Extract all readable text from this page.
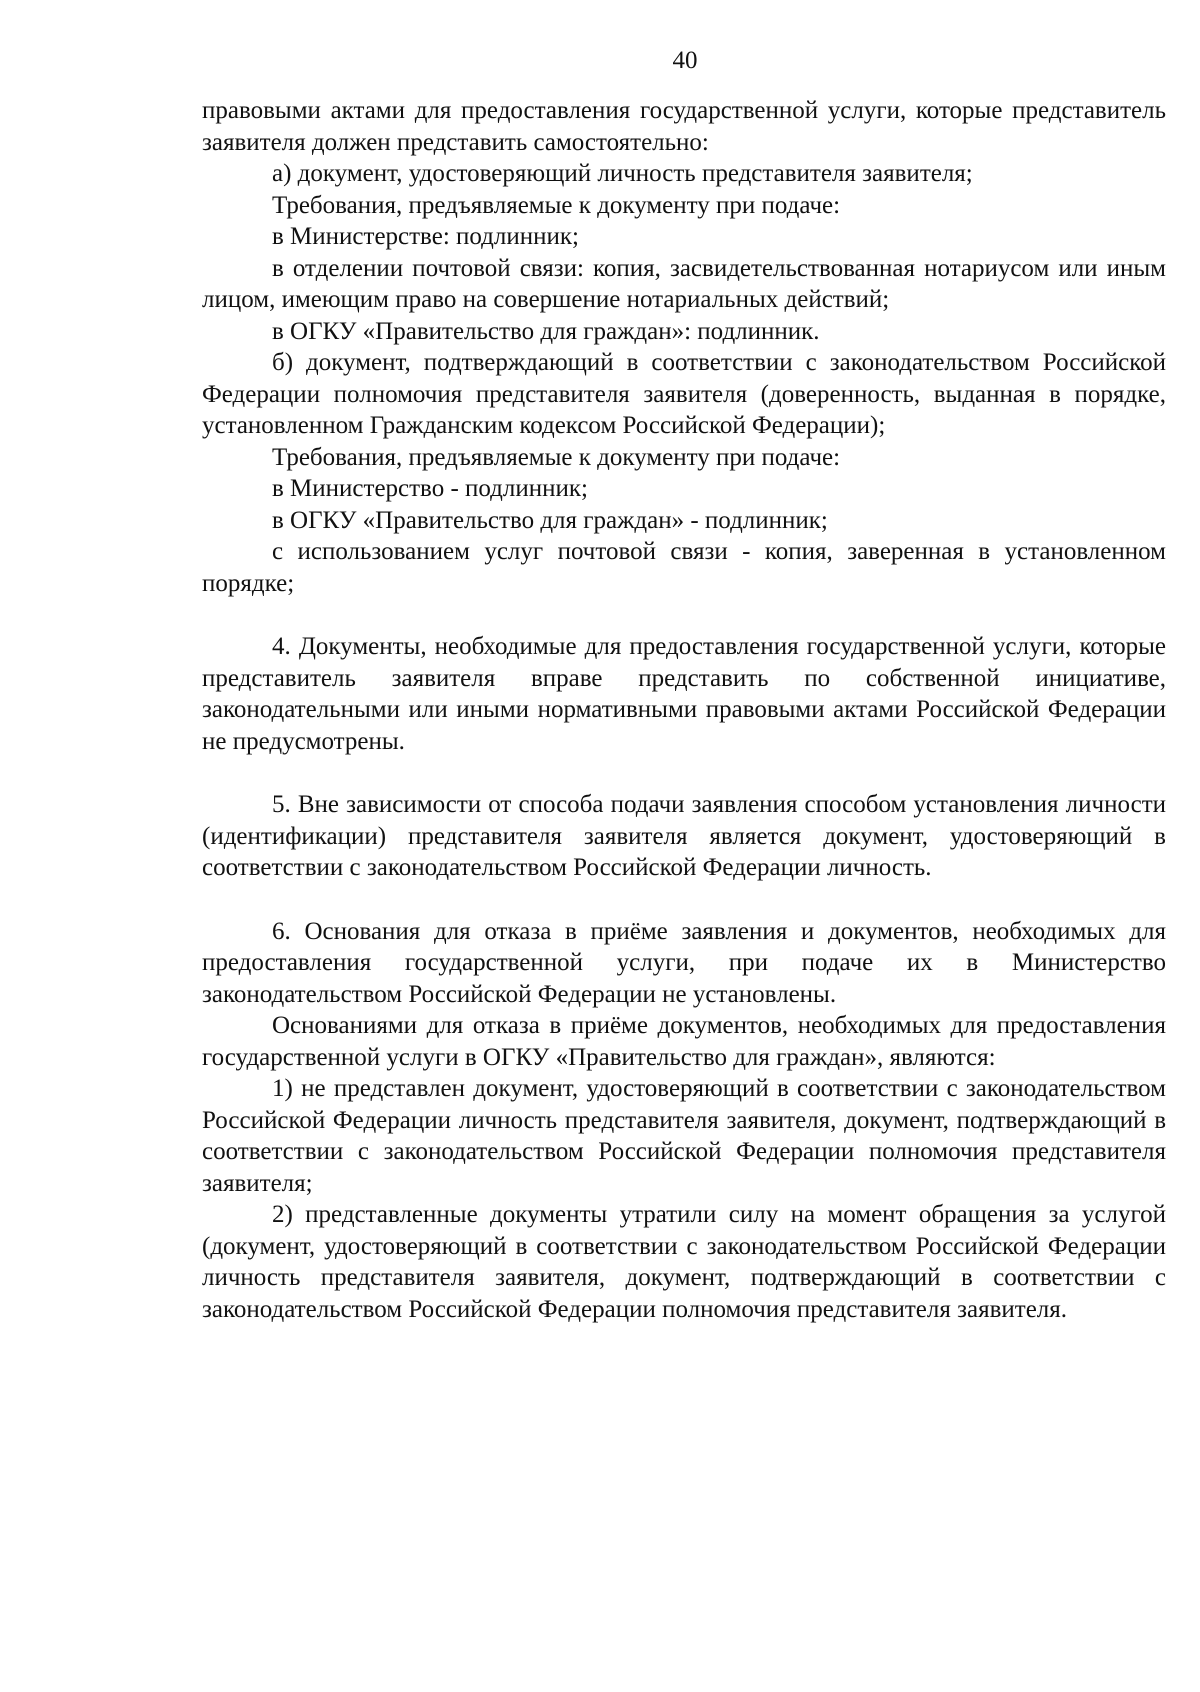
40

правовыми актами для предоставления государственной услуги, которые представитель заявителя должен представить самостоятельно:

а) документ, удостоверяющий личность представителя заявителя;

Требования, предъявляемые к документу при подаче:

в Министерстве: подлинник;

в отделении почтовой связи: копия, засвидетельствованная нотариусом или иным лицом, имеющим право на совершение нотариальных действий;

в ОГКУ «Правительство для граждан»: подлинник.

б) документ, подтверждающий в соответствии с законодательством Российской Федерации полномочия представителя заявителя (доверенность, выданная в порядке, установленном Гражданским кодексом Российской Федерации);

Требования, предъявляемые к документу при подаче:

в Министерство - подлинник;

в ОГКУ «Правительство для граждан» - подлинник;

с использованием услуг почтовой связи - копия, заверенная в установленном порядке;

4. Документы, необходимые для предоставления государственной услуги, которые представитель заявителя вправе представить по собственной инициативе, законодательными или иными нормативными правовыми актами Российской Федерации не предусмотрены.

5. Вне зависимости от способа подачи заявления способом установления личности (идентификации) представителя заявителя является документ, удостоверяющий в соответствии с законодательством Российской Федерации личность.

6. Основания для отказа в приёме заявления и документов, необходимых для предоставления государственной услуги, при подаче их в Министерство законодательством Российской Федерации не установлены.

Основаниями для отказа в приёме документов, необходимых для предоставления государственной услуги в ОГКУ «Правительство для граждан», являются:

1) не представлен документ, удостоверяющий в соответствии с законодательством Российской Федерации личность представителя заявителя, документ, подтверждающий в соответствии с законодательством Российской Федерации полномочия представителя заявителя;

2) представленные документы утратили силу на момент обращения за услугой (документ, удостоверяющий в соответствии с законодательством Российской Федерации личность представителя заявителя, документ, подтверждающий в соответствии с законодательством Российской Федерации полномочия представителя заявителя.
